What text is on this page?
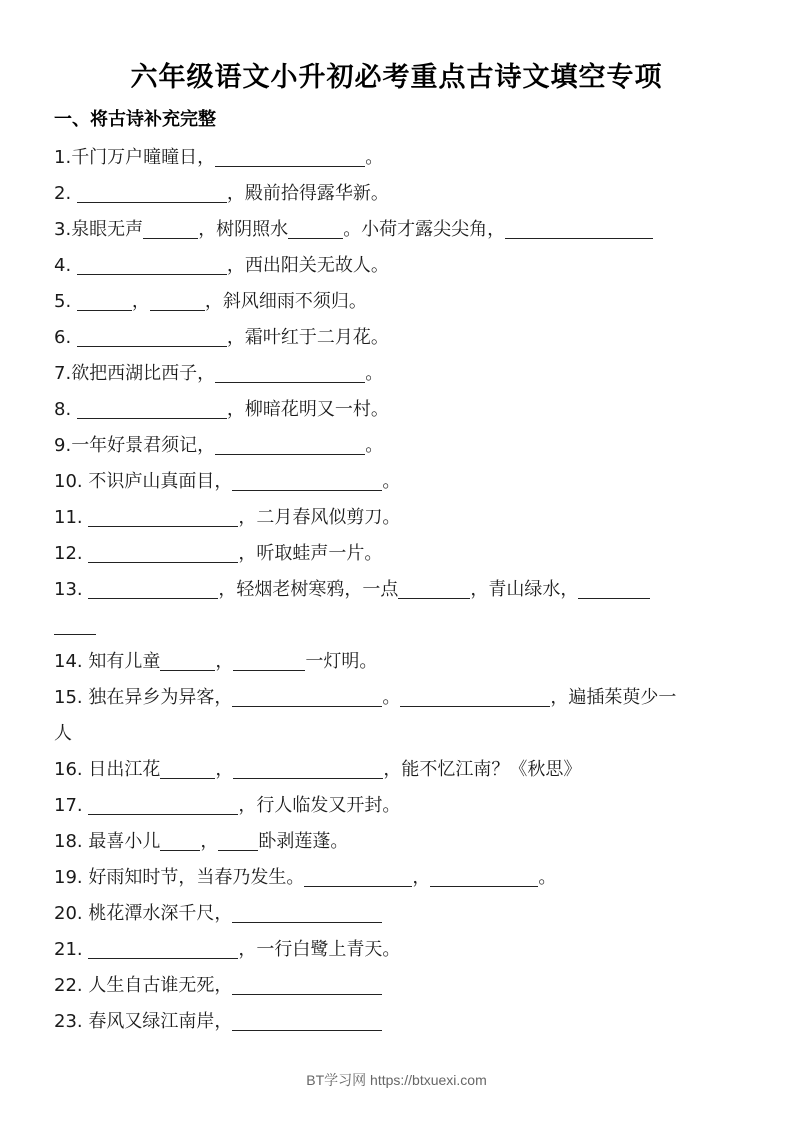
六年级语文小升初必考重点古诗文填空专项
一、将古诗补充完整
1.千门万户曈曈日，	。
2.	，殿前拾得露华新。
3.泉眼无声	，树阴照水	。小荷才露尖尖角，
4.	，西出阳关无故人。
5.	，	，斜风细雨不须归。
6.	，霜叶红于二月花。
7.欲把西湖比西子，	。
8.	，柳暗花明又一村。
9.一年好景君须记，	。
10. 不识庐山真面目，	。
11.	，二月春风似剪刀。
12.	，听取蛙声一片。
13.	，轻烟老树寒鸦，一点	，青山绿水，
14. 知有儿童	，	一灯明。
15. 独在异乡为异客，	。	，遍插茱萸少一
人
16. 日出江花	，	，能不忆江南？《秋思》
17.	，行人临发又开封。
18. 最喜小儿 ， 卧剥莲蓬。
19. 好雨知时节，当春乃发生。	，	。
20. 桃花潭水深千尺，
21.	，一行白鹭上青天。
22. 人生自古谁无死，
23. 春风又绿江南岸，
BT学习网 https://btxuexi.com
